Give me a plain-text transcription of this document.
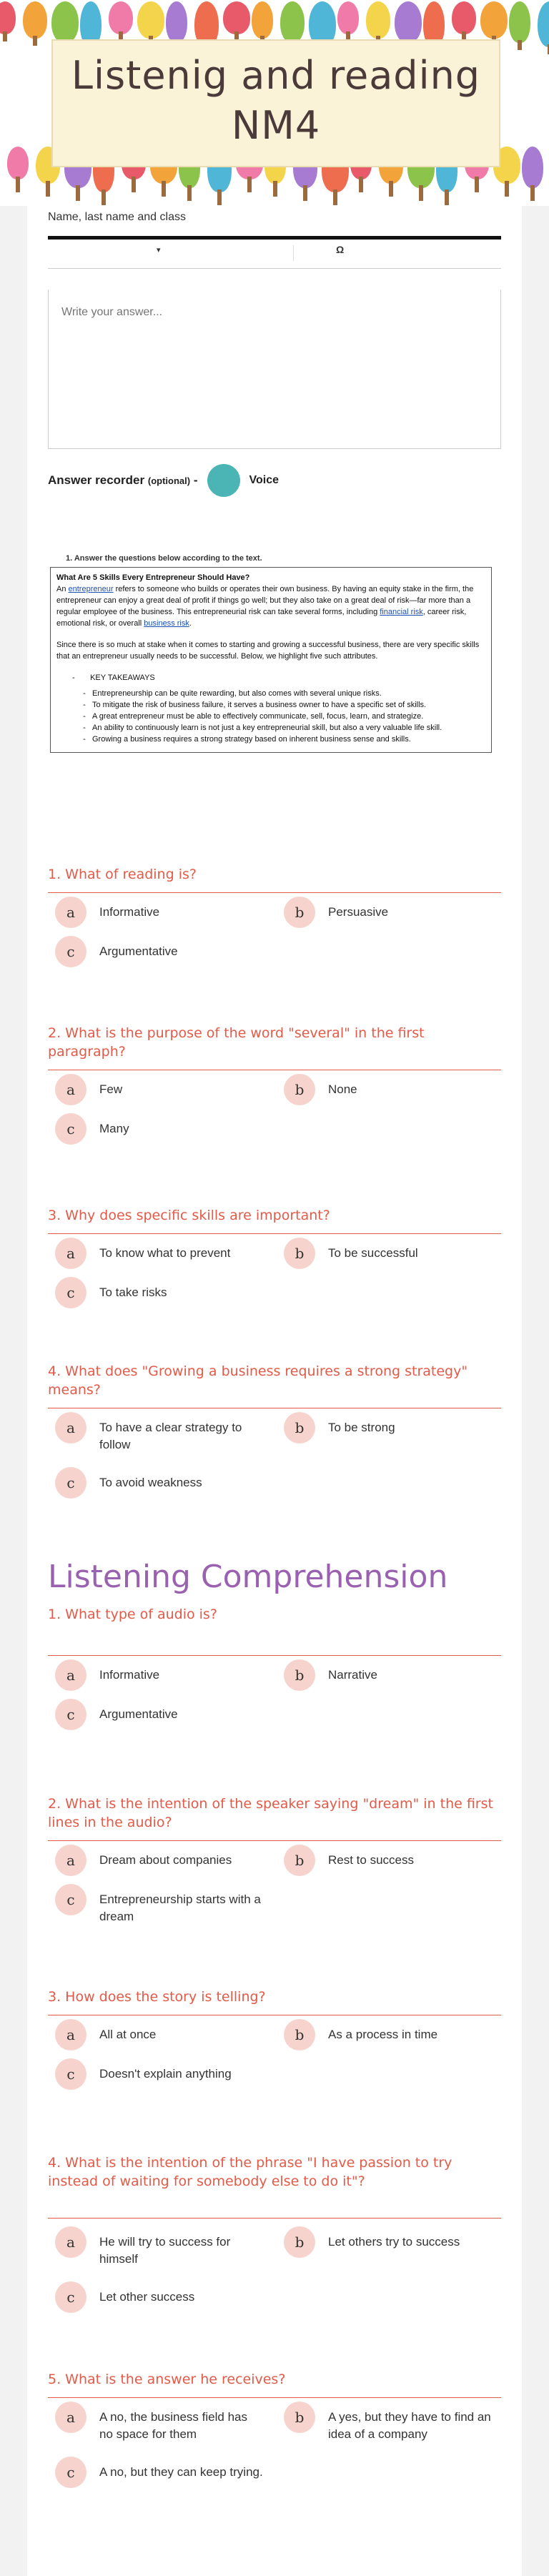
Listenig and reading
NM4
Name, last name and class
▾	Ω
Write your answer...
Answer recorder (optional) -	Voice
1. Answer the questions below according to the text.
What Are 5 Skills Every Entrepreneur Should Have?
An entrepreneur refers to someone who builds or operates their own business. By having an equity stake in the firm, the entrepreneur can enjoy a great deal of profit if things go well; but they also take on a great deal of risk—far more than a regular employee of the business. This entrepreneurial risk can take several forms, including financial risk, career risk, emotional risk, or overall business risk.
Since there is so much at stake when it comes to starting and growing a successful business, there are very specific skills that an entrepreneur usually needs to be successful. Below, we highlight five such attributes.
-       KEY TAKEAWAYS
- Entrepreneurship can be quite rewarding, but also comes with several unique risks.
- To mitigate the risk of business failure, it serves a business owner to have a specific set of skills.
- A great entrepreneur must be able to effectively communicate, sell, focus, learn, and strategize.
- An ability to continuously learn is not just a key entrepreneurial skill, but also a very valuable life skill.
- Growing a business requires a strong strategy based on inherent business sense and skills.
Listening Comprehension
1. What of reading is?
a	Informative	b	Persuasive
c	Argumentative
2. What is the purpose of the word "several" in the first paragraph?
a	Few	b	None
c	Many
3. Why does specific skills are important?
a	To know what to prevent	b	To be successful
c	To take risks
4. What does "Growing a business requires a strong strategy" means?
a	To have a clear strategy to follow
b	To be strong
c	To avoid weakness
1. What type of audio is?
a	Informative	b	Narrative
c	Argumentative
2. What is the intention of the speaker saying "dream" in the first lines in the audio?
a	Dream about companies	b	Rest to success
c	Entrepreneurship starts with a dream
3. How does the story is telling?
a	All at once	b	As a process in time
c	Doesn't explain anything
4. What is the intention of the phrase "I have passion to try instead of waiting for somebody else to do it"?
a	He will try to success for himself
b	Let others try to success
c	Let other success
5. What is the answer he receives?
a	A no, the business field has no space for them
b	A yes, but they have to find an idea of a company
c	A no, but they can keep trying.
